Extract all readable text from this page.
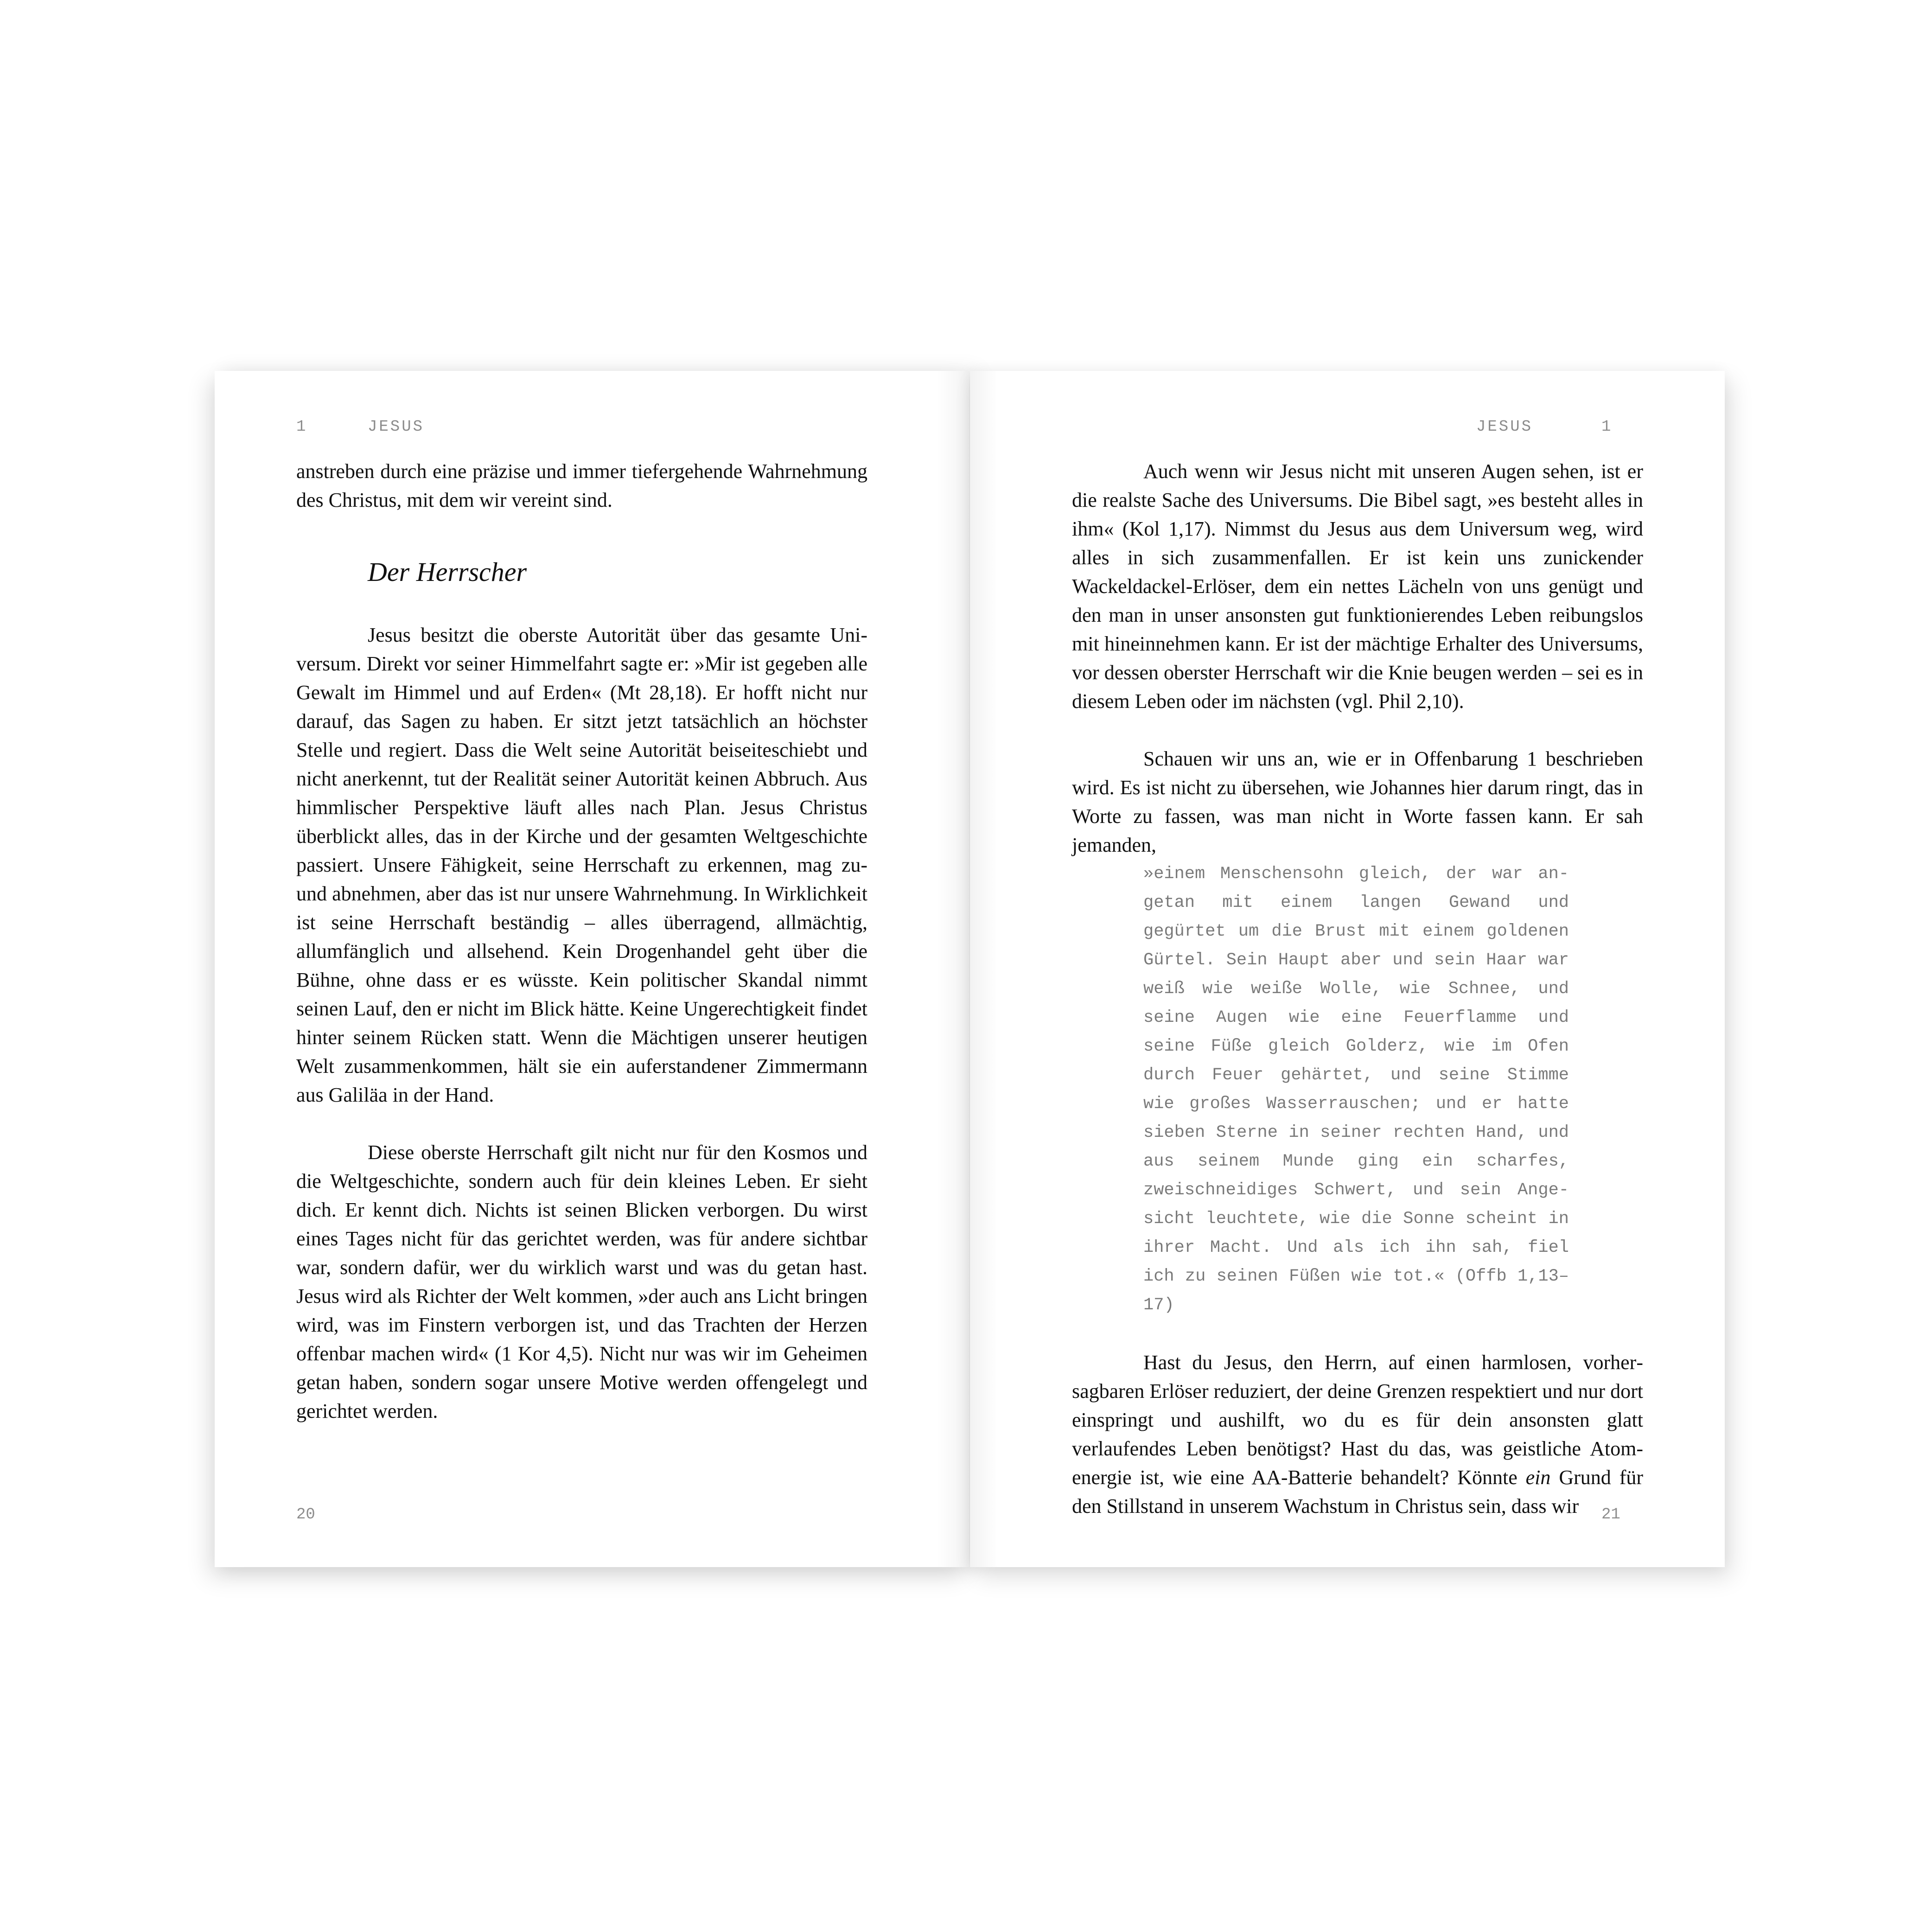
1	JESUS

anstreben durch eine präzise und immer tiefergehende Wahrnehmung des Christus, mit dem wir vereint sind.

Der Herrscher

Jesus besitzt die oberste Autorität über das gesamte Universum. Direkt vor seiner Himmelfahrt sagte er: »Mir ist gegeben alle Gewalt im Himmel und auf Erden« (Mt 28,18). Er hofft nicht nur darauf, das Sagen zu haben. Er sitzt jetzt tatsächlich an höchster Stelle und regiert. Dass die Welt seine Autorität beiseiteschiebt und nicht anerkennt, tut der Realität seiner Autorität keinen Abbruch. Aus himmlischer Perspektive läuft alles nach Plan. Jesus Christus überblickt alles, das in der Kirche und der gesamten Weltgeschichte passiert. Unsere Fähigkeit, seine Herrschaft zu erkennen, mag zu- und abnehmen, aber das ist nur unsere Wahrnehmung. In Wirklichkeit ist seine Herrschaft beständig – alles überragend, allmächtig, allumfänglich und allsehend. Kein Drogenhandel geht über die Bühne, ohne dass er es wüsste. Kein politischer Skandal nimmt seinen Lauf, den er nicht im Blick hätte. Keine Ungerechtigkeit findet hinter seinem Rücken statt. Wenn die Mächtigen unserer heutigen Welt zusammenkommen, hält sie ein auferstandener Zimmermann aus Galiläa in der Hand.

Diese oberste Herrschaft gilt nicht nur für den Kosmos und die Weltgeschichte, sondern auch für dein kleines Leben. Er sieht dich. Er kennt dich. Nichts ist seinen Blicken verborgen. Du wirst eines Tages nicht für das gerichtet werden, was für andere sichtbar war, sondern dafür, wer du wirklich warst und was du getan hast. Jesus wird als Richter der Welt kommen, »der auch ans Licht bringen wird, was im Finstern verborgen ist, und das Trachten der Herzen offenbar machen wird« (1 Kor 4,5). Nicht nur was wir im Geheimen getan haben, sondern sogar unsere Motive werden offengelegt und gerichtet werden.

20
JESUS	1

Auch wenn wir Jesus nicht mit unseren Augen sehen, ist er die realste Sache des Universums. Die Bibel sagt, »es besteht alles in ihm« (Kol 1,17). Nimmst du Jesus aus dem Universum weg, wird alles in sich zusammenfallen. Er ist kein uns zunickender Wackeldackel-Erlöser, dem ein nettes Lächeln von uns genügt und den man in unser ansonsten gut funktionierendes Leben reibungslos mit hineinnehmen kann. Er ist der mächtige Erhalter des Universums, vor dessen oberster Herrschaft wir die Knie beugen werden – sei es in diesem Leben oder im nächsten (vgl. Phil 2,10).

Schauen wir uns an, wie er in Offenbarung 1 beschrieben wird. Es ist nicht zu übersehen, wie Johannes hier darum ringt, das in Worte zu fassen, was man nicht in Worte fassen kann. Er sah jemanden,

»einem Menschensohn gleich, der war angetan mit einem langen Gewand und gegürtet um die Brust mit einem goldenen Gürtel. Sein Haupt aber und sein Haar war weiß wie weiße Wolle, wie Schnee, und seine Augen wie eine Feuerflamme und seine Füße gleich Golderz, wie im Ofen durch Feuer gehärtet, und seine Stimme wie großes Wasserrauschen; und er hatte sieben Sterne in seiner rechten Hand, und aus seinem Munde ging ein scharfes, zweischneidiges Schwert, und sein Angesicht leuchtete, wie die Sonne scheint in ihrer Macht. Und als ich ihn sah, fiel ich zu seinen Füßen wie tot.« (Offb 1,13–17)

Hast du Jesus, den Herrn, auf einen harmlosen, vorhersagbaren Erlöser reduziert, der deine Grenzen respektiert und nur dort einspringt und aushilft, wo du es für dein ansonsten glatt verlaufendes Leben benötigst? Hast du das, was geistliche Atomenergie ist, wie eine AA-Batterie behandelt? Könnte ein Grund für den Stillstand in unserem Wachstum in Christus sein, dass wir	21
